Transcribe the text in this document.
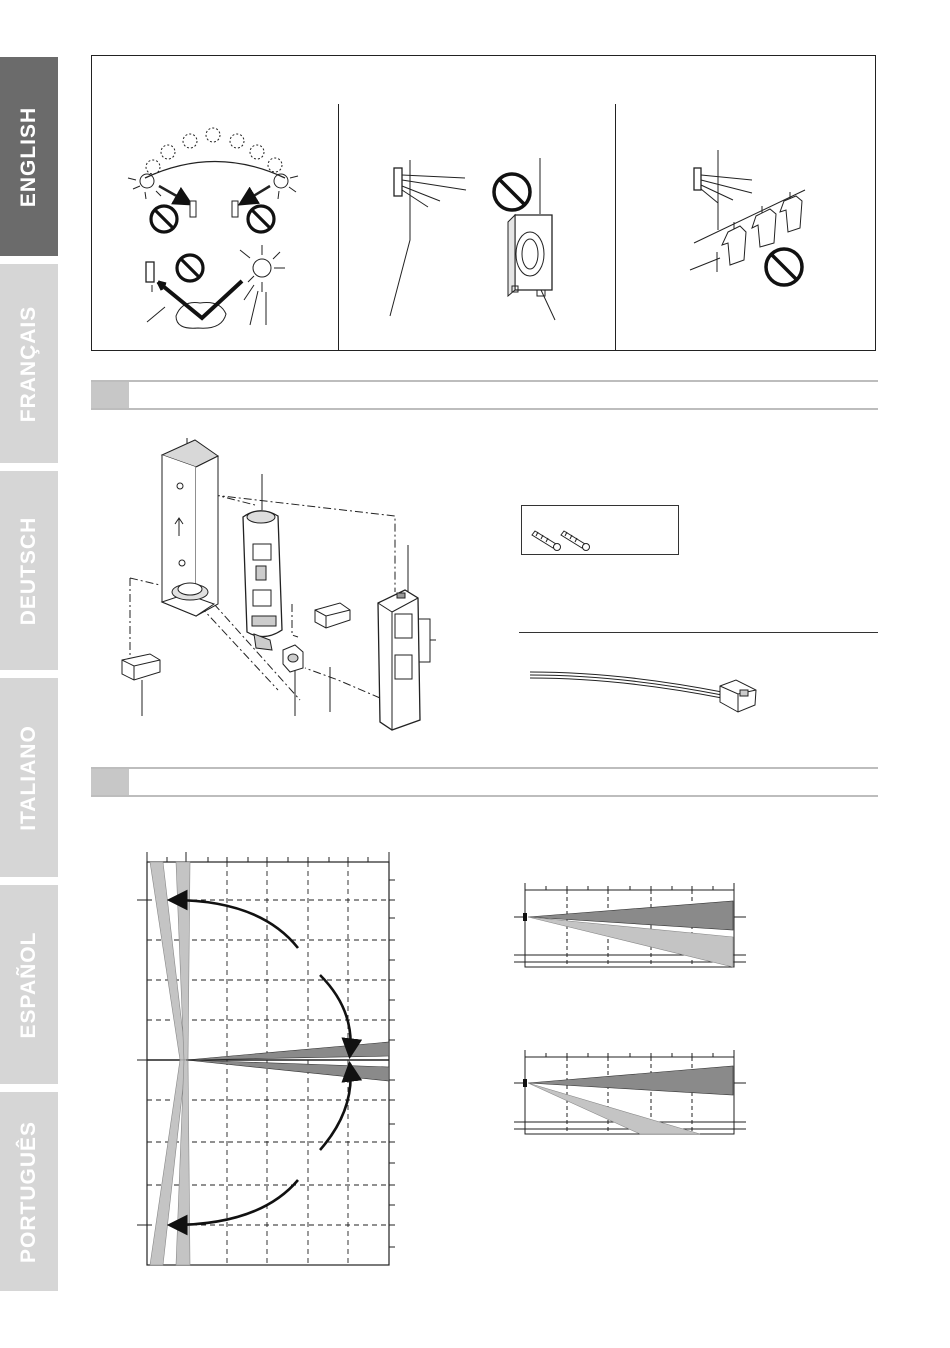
ENGLISH
FRANÇAIS
DEUTSCH
ITALIANO
ESPAÑOL
PORTUGUÊS
